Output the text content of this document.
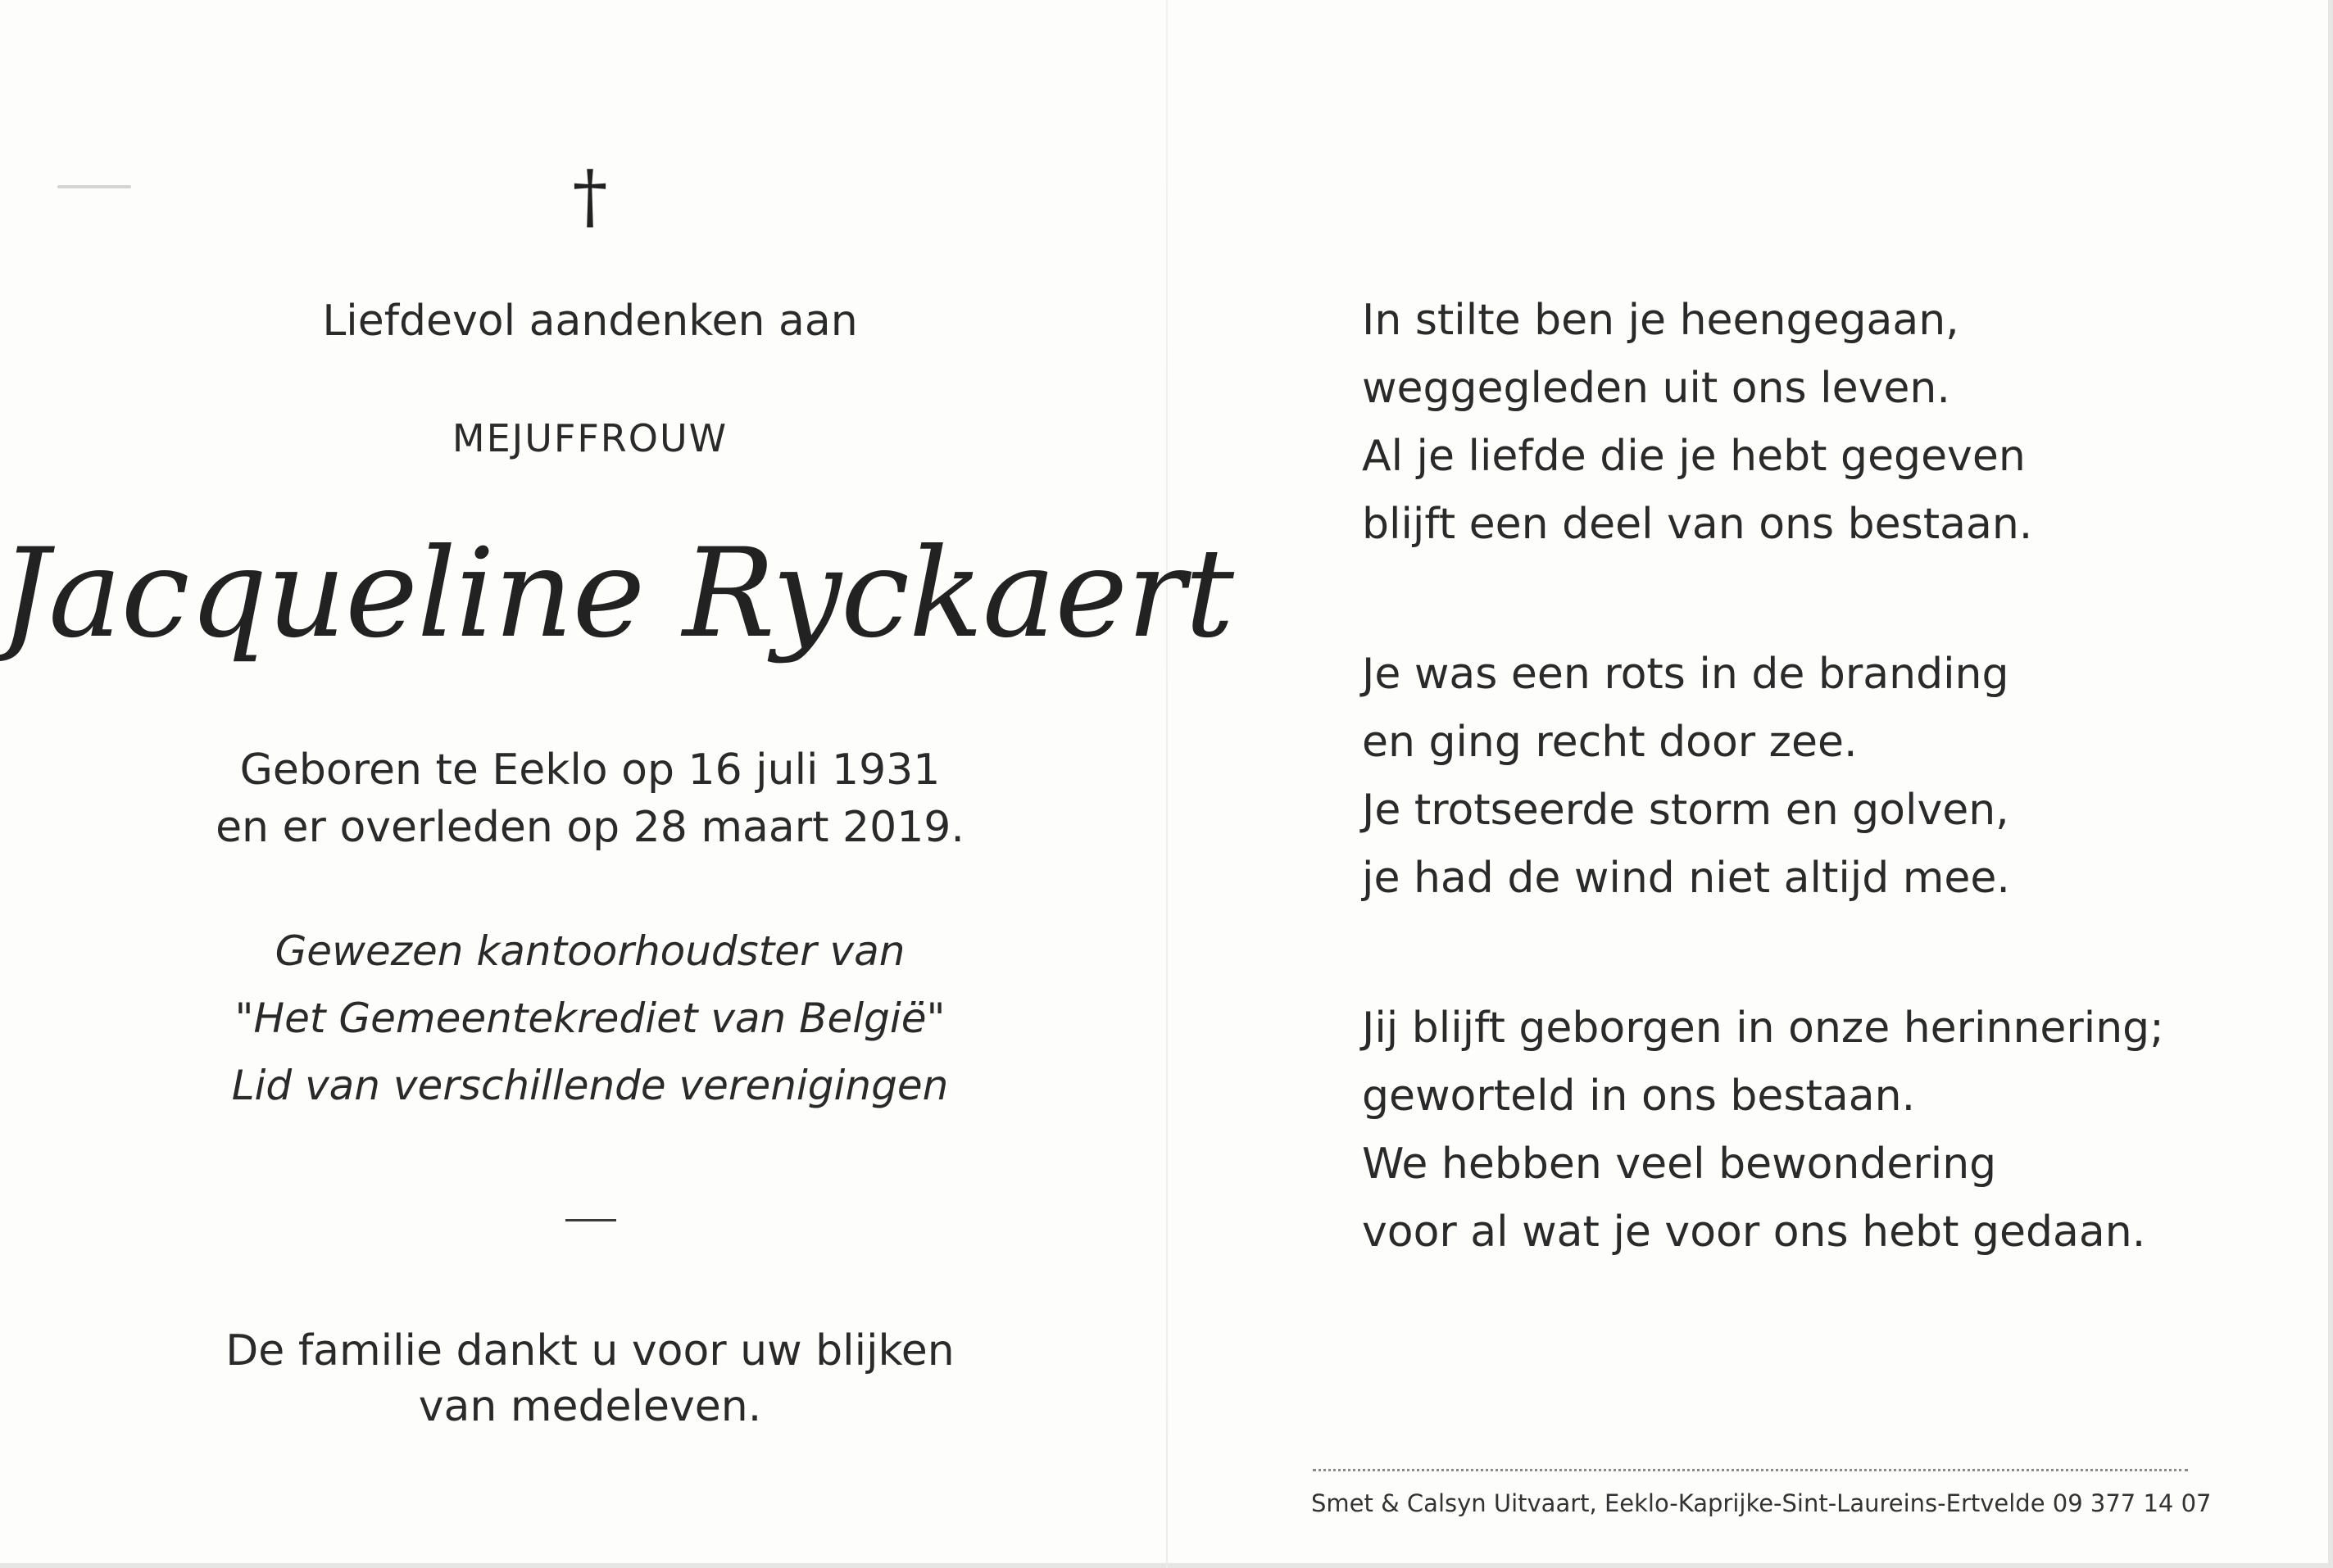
†
Liefdevol aandenken aan
MEJUFFROUW
Jacqueline Ryckaert
Geboren te Eeklo op 16 juli 1931
en er overleden op 28 maart 2019.
Gewezen kantoorhoudster van
"Het Gemeentekrediet van België"
Lid van verschillende verenigingen
De familie dankt u voor uw blijken
van medeleven.
In stilte ben je heengegaan,
weggegleden uit ons leven.
Al je liefde die je hebt gegeven
blijft een deel van ons bestaan.
Je was een rots in de branding
en ging recht door zee.
Je trotseerde storm en golven,
je had de wind niet altijd mee.
Jij blijft geborgen in onze herinnering;
geworteld in ons bestaan.
We hebben veel bewondering
voor al wat je voor ons hebt gedaan.
Smet & Calsyn Uitvaart, Eeklo-Kaprijke-Sint-Laureins-Ertvelde 09 377 14 07
